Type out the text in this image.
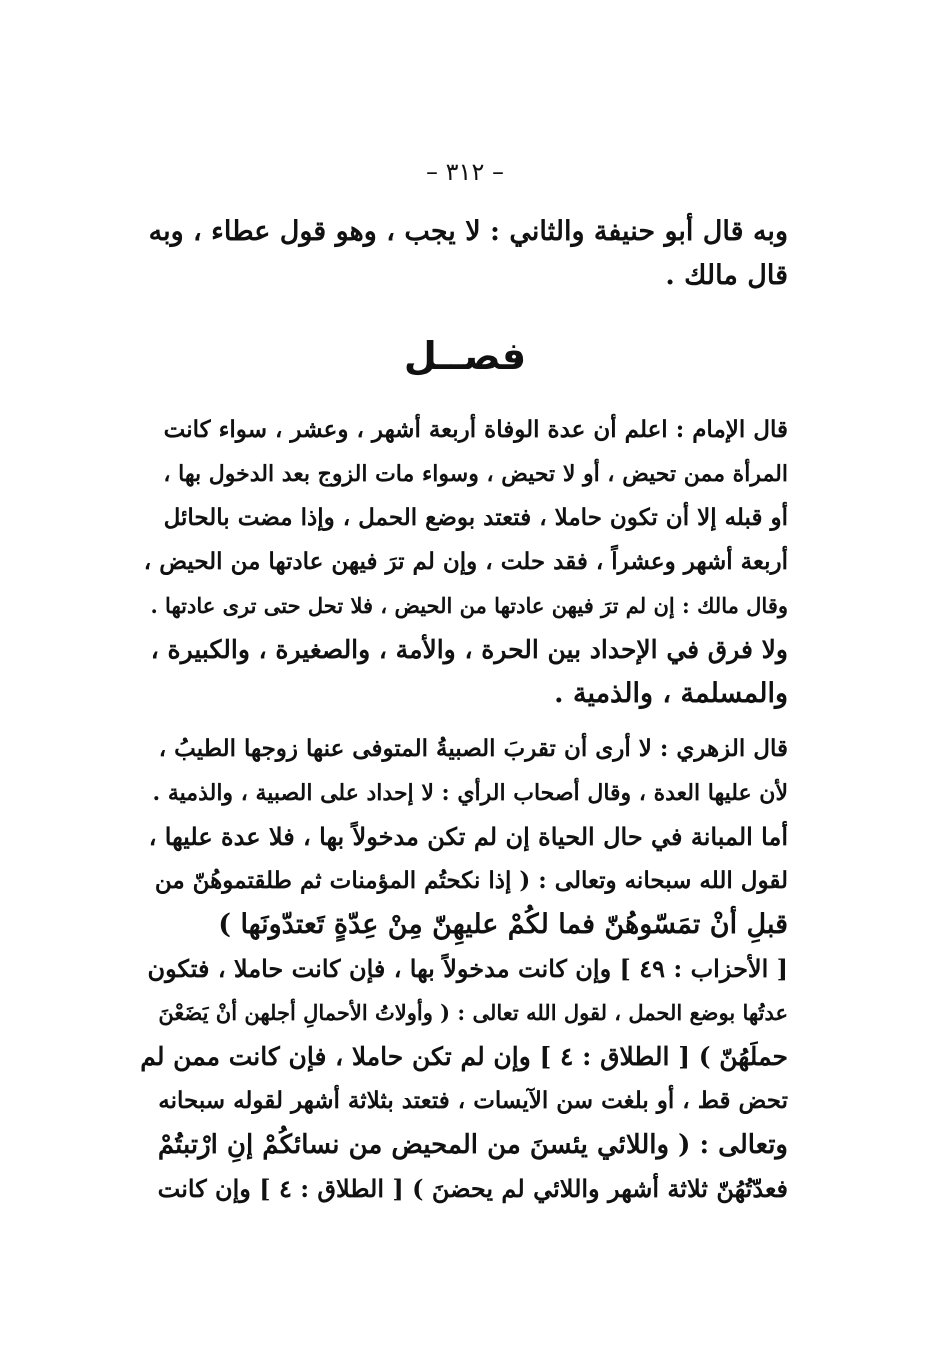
– ٣١٢ –
وبه قال أبو حنيفة والثاني : لا يجب ، وهو قول عطاء ، وبه
قال مالك .
فصــل
قال الإمام : اعلم أن عدة الوفاة أربعة أشهر ، وعشر ، سواء كانت
المرأة ممن تحيض ، أو لا تحيض ، وسواء مات الزوج بعد الدخول بها ،
أو قبله إلا أن تكون حاملا ، فتعتد بوضع الحمل ، وإذا مضت بالحائل
أربعة أشهر وعشراً ، فقد حلت ، وإن لم ترَ فيهن عادتها من الحيض ،
وقال مالك : إن لم ترَ فيهن عادتها من الحيض ، فلا تحل حتى ترى عادتها .
ولا فرق في الإحداد بين الحرة ، والأمة ، والصغيرة ، والكبيرة ،
والمسلمة ، والذمية .
قال الزهري : لا أرى أن تقربَ الصبيةُ المتوفى عنها زوجها الطيبُ ،
لأن عليها العدة ، وقال أصحاب الرأي : لا إحداد على الصبية ، والذمية .
أما المبانة في حال الحياة إن لم تكن مدخولاً بها ، فلا عدة عليها ،
لقول الله سبحانه وتعالى : ( إذا نكحتُم المؤمنات ثم طلقتموهُنّ من
قبلِ أنْ تمَسّوهُنّ فما لكُمْ عليهِنّ مِنْ عِدّةٍ تَعتدّونَها )
[ الأحزاب : ٤٩ ] وإن كانت مدخولاً بها ، فإن كانت حاملا ، فتكون
عدتُها بوضع الحمل ، لقول الله تعالى : ( وأولاتُ الأحمالِ أجلهن أنْ يَضَعْنَ
حملَهُنّ ) [ الطلاق : ٤ ] وإن لم تكن حاملا ، فإن كانت ممن لم
تحض قط ، أو بلغت سن الآيسات ، فتعتد بثلاثة أشهر لقوله سبحانه
وتعالى : ( واللائي يئسنَ من المحيض من نسائكُمْ إنِ ارْتبتُمْ
فعدّتُهُنّ ثلاثة أشهر واللائي لم يحضنَ ) [ الطلاق : ٤ ] وإن كانت
